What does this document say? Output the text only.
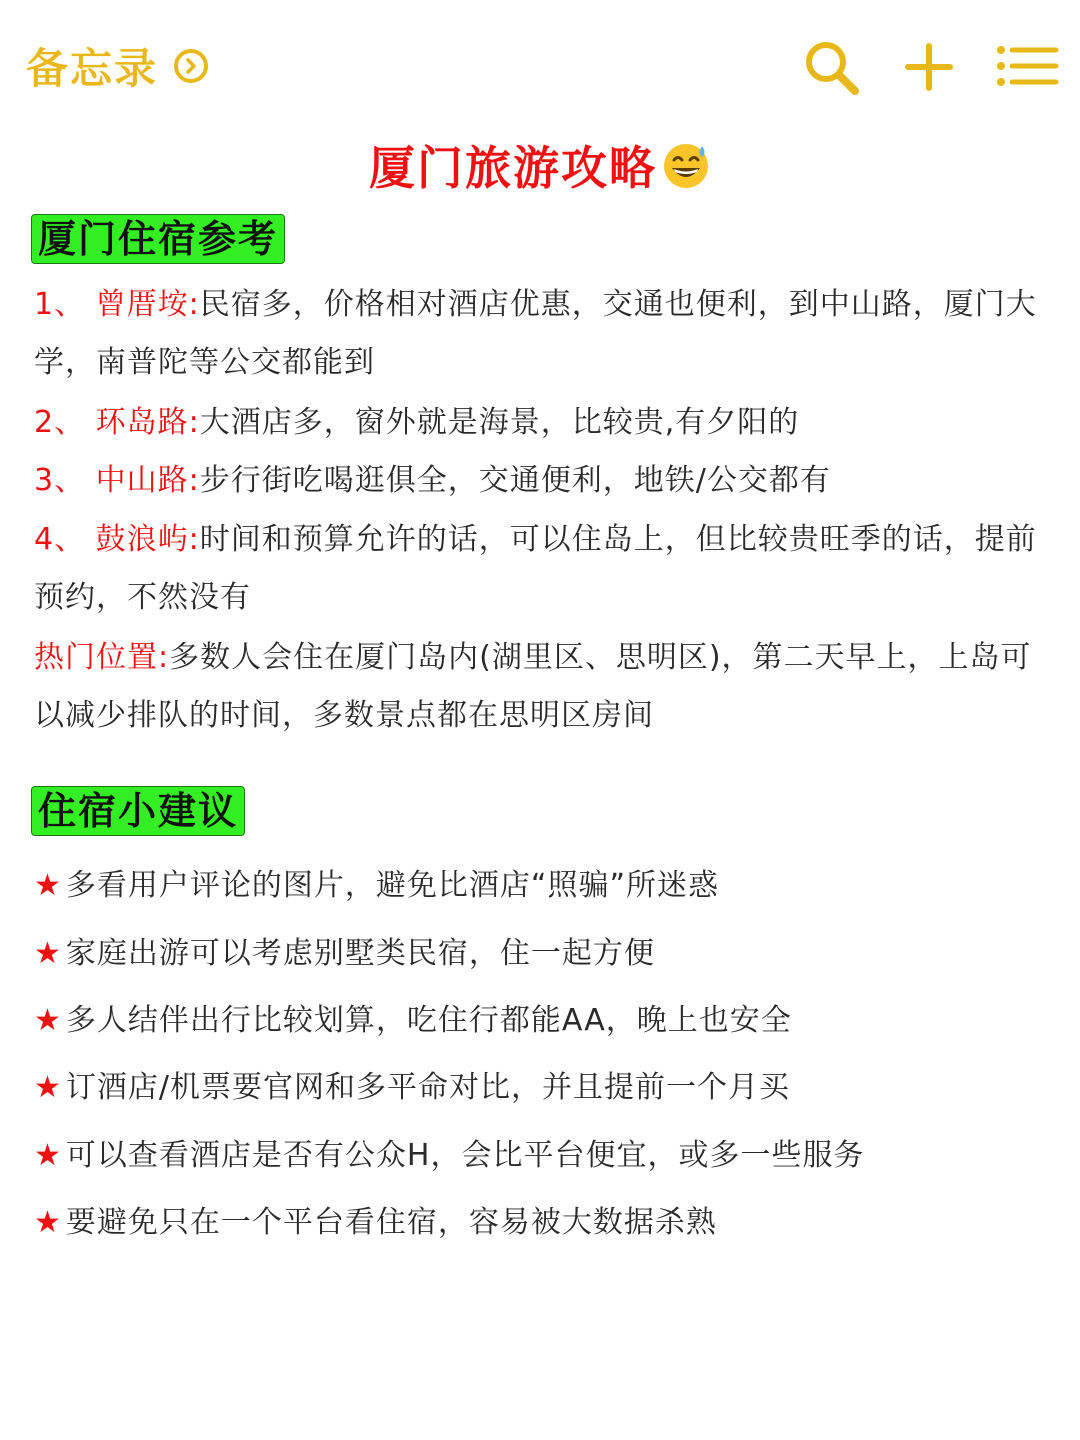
备忘录
厦门旅游攻略
厦门住宿参考
1、 曾厝垵:民宿多，价格相对酒店优惠，交通也便利，到中山路，厦门大学，南普陀等公交都能到
2、 环岛路:大酒店多，窗外就是海景，比较贵,有夕阳的
3、 中山路:步行街吃喝逛俱全，交通便利，地铁/公交都有
4、 鼓浪屿:时间和预算允许的话，可以住岛上，但比较贵旺季的话，提前预约，不然没有
热门位置:多数人会住在厦门岛内(湖里区、思明区)，第二天早上，上岛可以减少排队的时间，多数景点都在思明区房间
住宿小建议
★ 多看用户评论的图片，避免比酒店“照骗”所迷惑
★ 家庭出游可以考虑别墅类民宿，住一起方便
★ 多人结伴出行比较划算，吃住行都能AA，晚上也安全
★ 订酒店/机票要官网和多平命对比，并且提前一个月买
★ 可以查看酒店是否有公众H，会比平台便宜，或多一些服务
★ 要避免只在一个平台看住宿，容易被大数据杀熟
